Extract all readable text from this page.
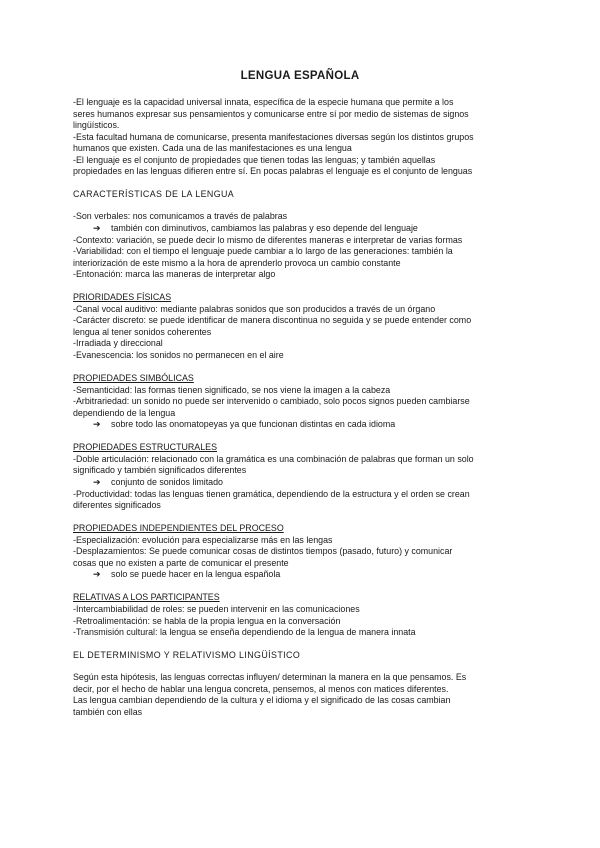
LENGUA ESPAÑOLA
-El lenguaje es la capacidad universal innata, específica de la especie humana que permite a los
seres humanos expresar sus pensamientos y comunicarse entre sí por medio de sistemas de signos
lingüísticos.
-Esta facultad humana de comunicarse, presenta manifestaciones diversas según los distintos grupos
humanos que existen. Cada una de las manifestaciones es una lengua
-El lenguaje es el conjunto de propiedades que tienen todas las lenguas; y también aquellas
propiedades en las lenguas difieren entre sí. En pocas palabras el lenguaje es el conjunto de lenguas
CARACTERÍSTICAS DE LA LENGUA
-Son verbales: nos comunicamos a través de palabras
➔ también con diminutivos, cambiamos las palabras y eso depende del lenguaje
-Contexto: variación, se puede decir lo mismo de diferentes maneras e interpretar de varias formas
-Variabilidad: con el tiempo el lenguaje puede cambiar a lo largo de las generaciones: también la
interiorización de este mismo a la hora de aprenderlo provoca un cambio constante
-Entonación: marca las maneras de interpretar algo
PRIORIDADES FÍSICAS
-Canal vocal auditivo: mediante palabras sonidos que son producidos a través de un órgano
-Carácter discreto: se puede identificar de manera discontinua no seguida y se puede entender como
lengua al tener sonidos coherentes
-Irradiada y direccional
-Evanescencia: los sonidos no permanecen en el aire
PROPIEDADES SIMBÓLICAS
-Semanticidad: las formas tienen significado, se nos viene la imagen a la cabeza
-Arbitrariedad: un sonido no puede ser intervenido o cambiado, solo pocos signos pueden cambiarse
dependiendo de la lengua
➔ sobre todo las onomatopeyas ya que funcionan distintas en cada idioma
PROPIEDADES ESTRUCTURALES
-Doble articulación: relacionado con la gramática es una combinación de palabras que forman un solo
significado y también significados diferentes
➔ conjunto de sonidos limitado
-Productividad: todas las lenguas tienen gramática, dependiendo de la estructura y el orden se crean
diferentes significados
PROPIEDADES INDEPENDIENTES DEL PROCESO
-Especialización: evolución para especializarse más en las lengas
-Desplazamientos: Se puede comunicar cosas de distintos tiempos (pasado, futuro) y comunicar
cosas que no existen a parte de comunicar el presente
➔ solo se puede hacer en la lengua española
RELATIVAS A LOS PARTICIPANTES
-Intercambiabilidad de roles: se pueden intervenir en las comunicaciones
-Retroalimentación: se habla de la propia lengua en la conversación
-Transmisión cultural: la lengua se enseña dependiendo de la lengua de manera innata
EL DETERMINISMO Y RELATIVISMO LINGÜÍSTICO
Según esta hipótesis, las lenguas correctas influyen/ determinan la manera en la que pensamos. Es
decir, por el hecho de hablar una lengua concreta, pensemos, al menos con matices diferentes.
Las lengua cambian dependiendo de la cultura y el idioma y el significado de las cosas cambian
también con ellas
